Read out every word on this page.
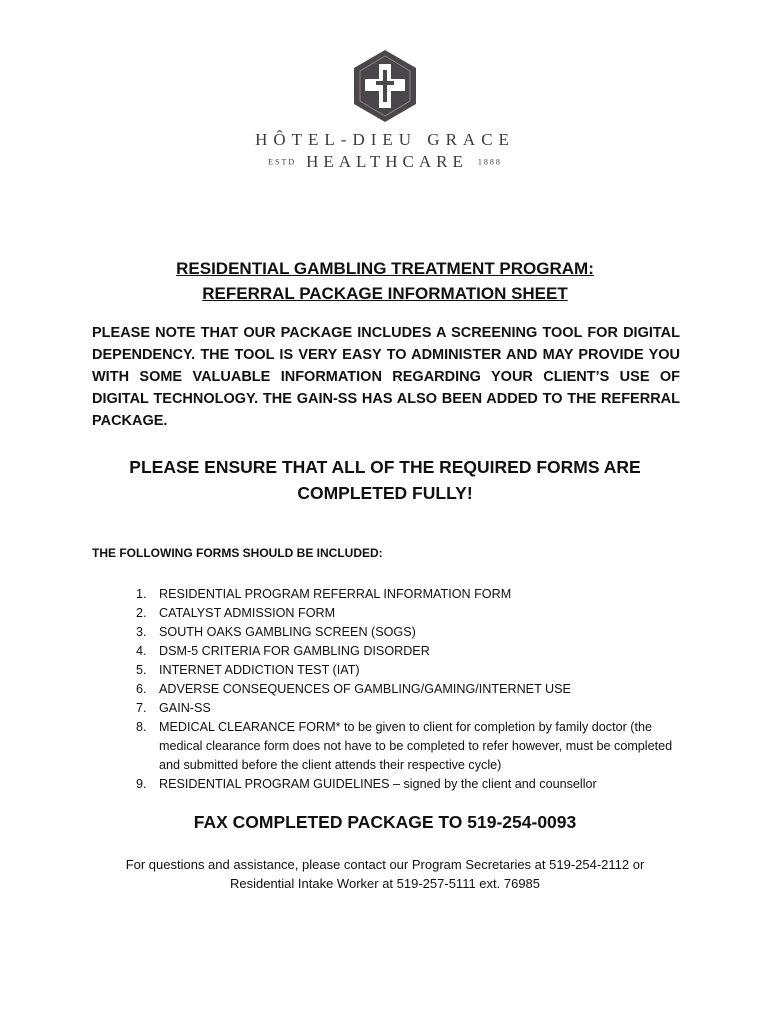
HÔTEL-DIEU GRACE
ESTD HEALTHCARE 1888
RESIDENTIAL GAMBLING TREATMENT PROGRAM:
REFERRAL PACKAGE INFORMATION SHEET
PLEASE NOTE THAT OUR PACKAGE INCLUDES A SCREENING TOOL FOR DIGITAL DEPENDENCY. THE TOOL IS VERY EASY TO ADMINISTER AND MAY PROVIDE YOU WITH SOME VALUABLE INFORMATION REGARDING YOUR CLIENT’S USE OF DIGITAL TECHNOLOGY. THE GAIN-SS HAS ALSO BEEN ADDED TO THE REFERRAL PACKAGE.
PLEASE ENSURE THAT ALL OF THE REQUIRED FORMS ARE COMPLETED FULLY!
THE FOLLOWING FORMS SHOULD BE INCLUDED:
1. RESIDENTIAL PROGRAM REFERRAL INFORMATION FORM
2. CATALYST ADMISSION FORM
3. SOUTH OAKS GAMBLING SCREEN (SOGS)
4. DSM-5 CRITERIA FOR GAMBLING DISORDER
5. INTERNET ADDICTION TEST (IAT)
6. ADVERSE CONSEQUENCES OF GAMBLING/GAMING/INTERNET USE
7. GAIN-SS
8. MEDICAL CLEARANCE FORM* to be given to client for completion by family doctor (the medical clearance form does not have to be completed to refer however, must be completed and submitted before the client attends their respective cycle)
9. RESIDENTIAL PROGRAM GUIDELINES – signed by the client and counsellor
FAX COMPLETED PACKAGE TO 519-254-0093
For questions and assistance, please contact our Program Secretaries at 519-254-2112 or
Residential Intake Worker at 519-257-5111 ext. 76985
